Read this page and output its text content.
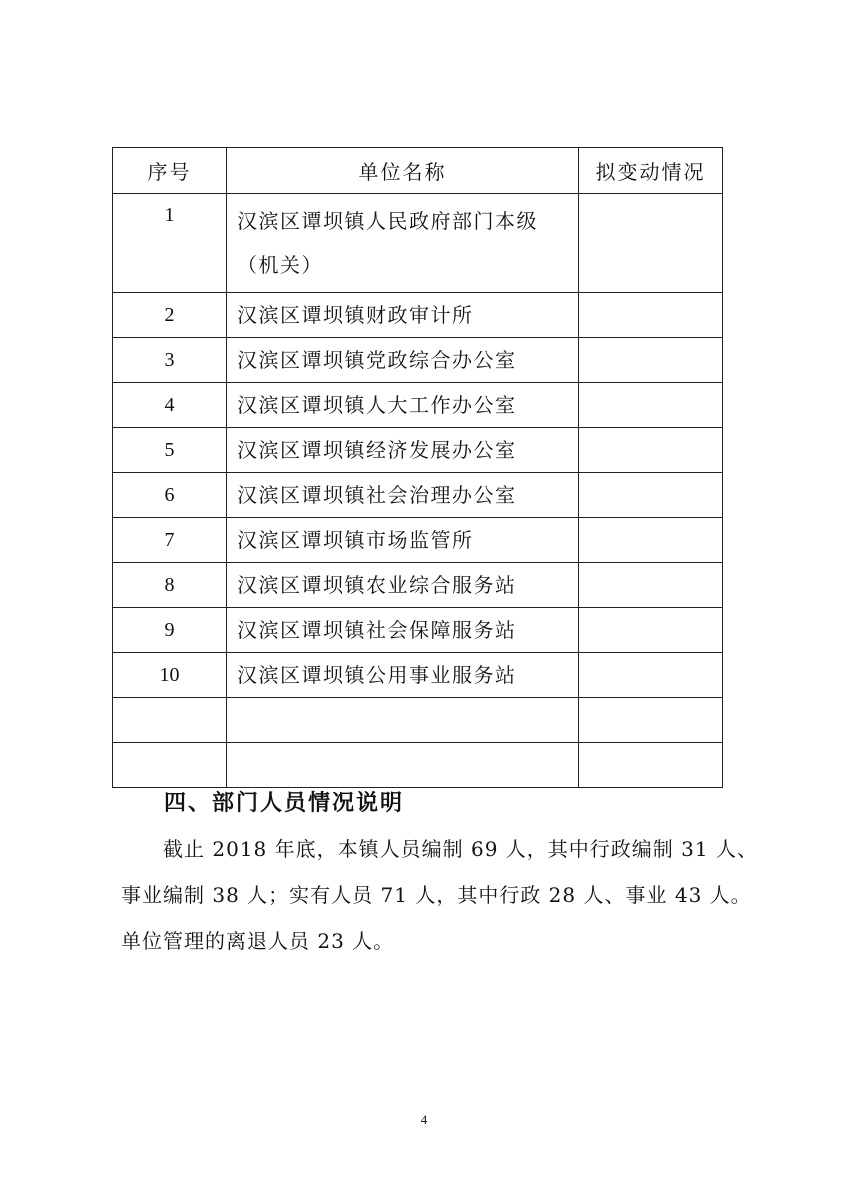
序号	单位名称	拟变动情况
1	汉滨区谭坝镇人民政府部门本级
（机关）	
2	汉滨区谭坝镇财政审计所	
3	汉滨区谭坝镇党政综合办公室	
4	汉滨区谭坝镇人大工作办公室	
5	汉滨区谭坝镇经济发展办公室	
6	汉滨区谭坝镇社会治理办公室	
7	汉滨区谭坝镇市场监管所	
8	汉滨区谭坝镇农业综合服务站	
9	汉滨区谭坝镇社会保障服务站	
10	汉滨区谭坝镇公用事业服务站	

四、部门人员情况说明

截止 2018 年底，本镇人员编制 69 人，其中行政编制 31 人、
事业编制 38 人；实有人员 71 人，其中行政 28 人、事业 43 人。
单位管理的离退人员 23 人。

4
